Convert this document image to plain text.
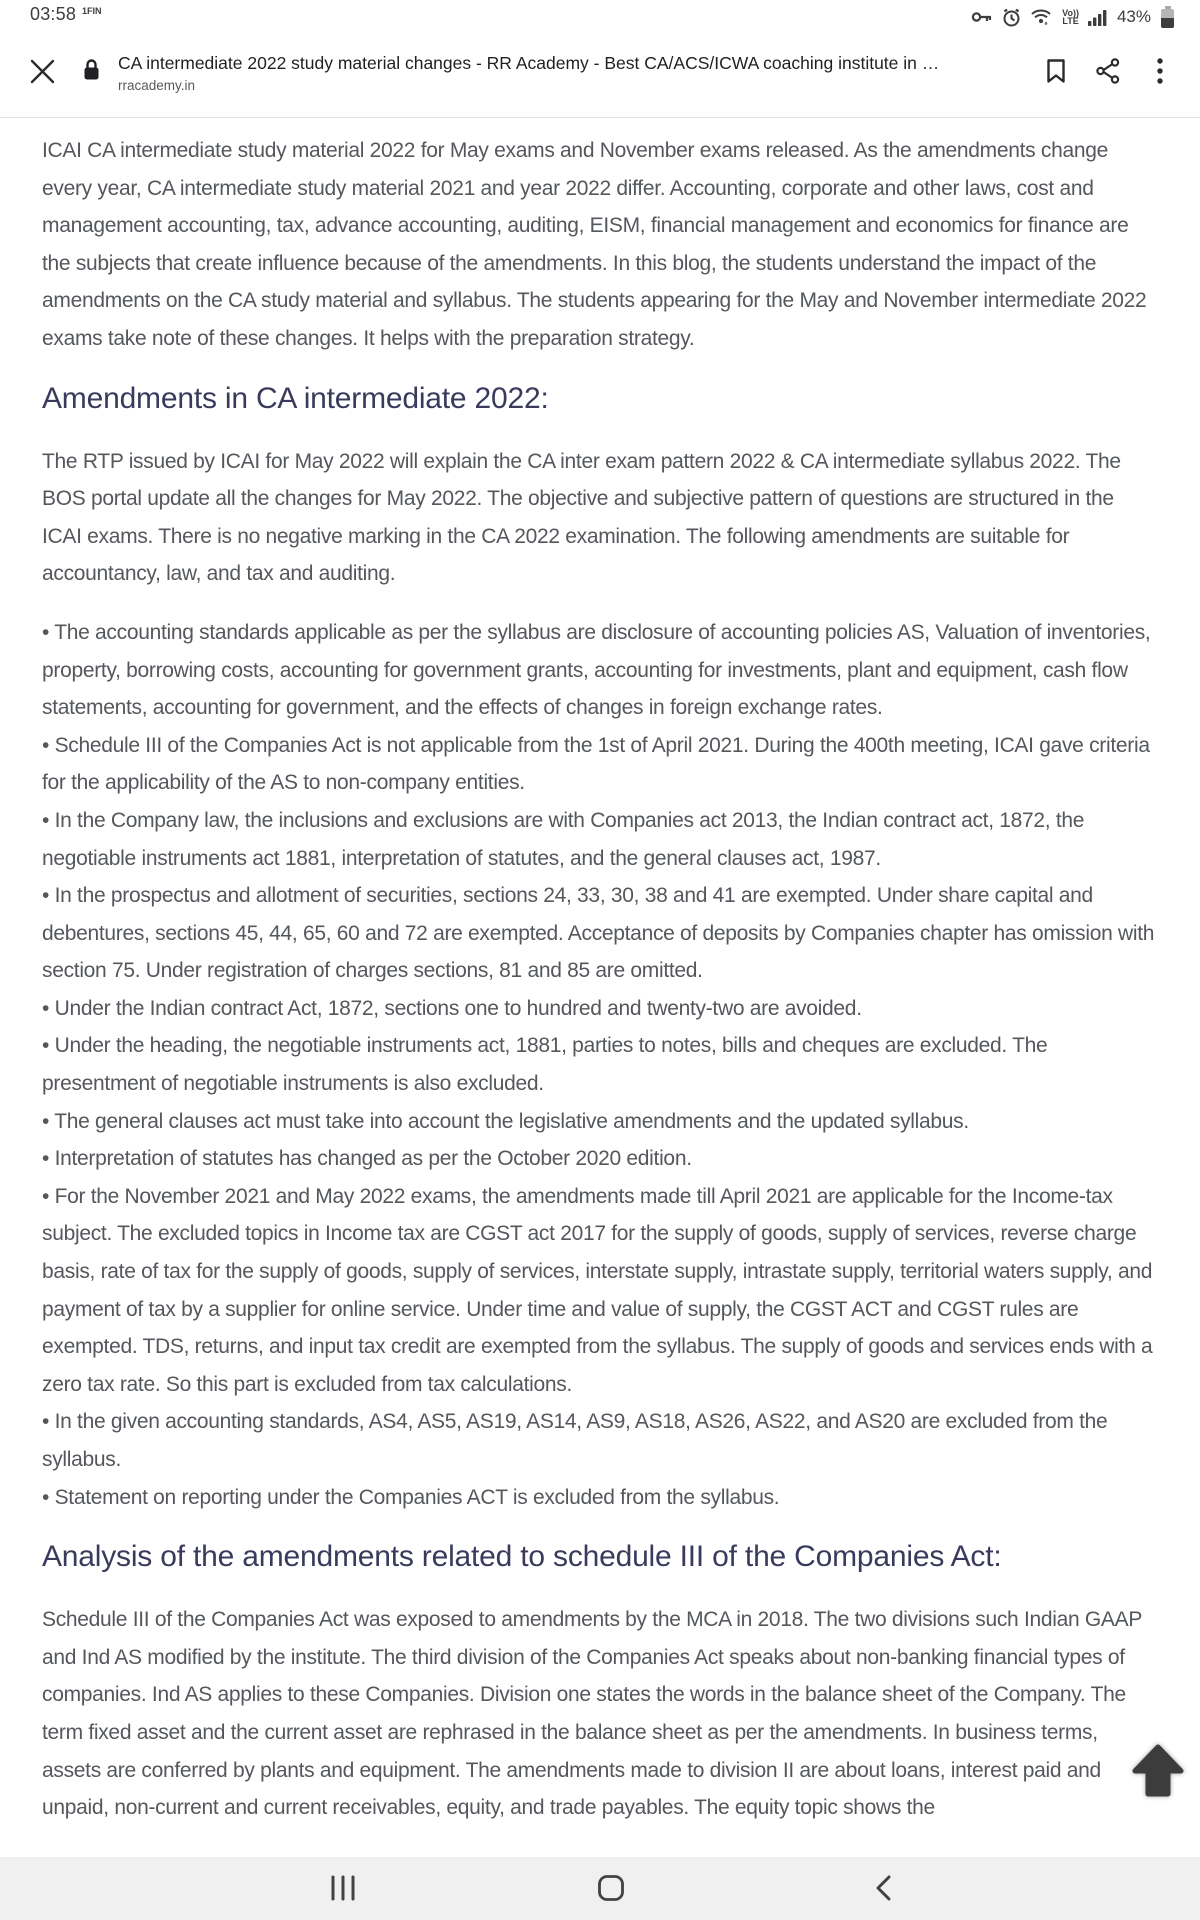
03:58 1FIN	Vo))
LTE 43%
CA intermediate 2022 study material changes - RR Academy - Best CA/ACS/ICWA coaching institute in …
rracademy.in

ICAI CA intermediate study material 2022 for May exams and November exams released. As the amendments change every year, CA intermediate study material 2021 and year 2022 differ. Accounting, corporate and other laws, cost and management accounting, tax, advance accounting, auditing, EISM, financial management and economics for finance are the subjects that create influence because of the amendments. In this blog, the students understand the impact of the amendments on the CA study material and syllabus. The students appearing for the May and November intermediate 2022 exams take note of these changes. It helps with the preparation strategy.

Amendments in CA intermediate 2022:

The RTP issued by ICAI for May 2022 will explain the CA inter exam pattern 2022 & CA intermediate syllabus 2022. The BOS portal update all the changes for May 2022. The objective and subjective pattern of questions are structured in the ICAI exams. There is no negative marking in the CA 2022 examination. The following amendments are suitable for accountancy, law, and tax and auditing.

• The accounting standards applicable as per the syllabus are disclosure of accounting policies AS, Valuation of inventories, property, borrowing costs, accounting for government grants, accounting for investments, plant and equipment, cash flow statements, accounting for government, and the effects of changes in foreign exchange rates.
• Schedule III of the Companies Act is not applicable from the 1st of April 2021. During the 400th meeting, ICAI gave criteria for the applicability of the AS to non-company entities.
• In the Company law, the inclusions and exclusions are with Companies act 2013, the Indian contract act, 1872, the negotiable instruments act 1881, interpretation of statutes, and the general clauses act, 1987.
• In the prospectus and allotment of securities, sections 24, 33, 30, 38 and 41 are exempted. Under share capital and debentures, sections 45, 44, 65, 60 and 72 are exempted. Acceptance of deposits by Companies chapter has omission with section 75. Under registration of charges sections, 81 and 85 are omitted.
• Under the Indian contract Act, 1872, sections one to hundred and twenty-two are avoided.
• Under the heading, the negotiable instruments act, 1881, parties to notes, bills and cheques are excluded. The presentment of negotiable instruments is also excluded.
• The general clauses act must take into account the legislative amendments and the updated syllabus.
• Interpretation of statutes has changed as per the October 2020 edition.
• For the November 2021 and May 2022 exams, the amendments made till April 2021 are applicable for the Income-tax subject. The excluded topics in Income tax are CGST act 2017 for the supply of goods, supply of services, reverse charge basis, rate of tax for the supply of goods, supply of services, interstate supply, intrastate supply, territorial waters supply, and payment of tax by a supplier for online service. Under time and value of supply, the CGST ACT and CGST rules are exempted. TDS, returns, and input tax credit are exempted from the syllabus. The supply of goods and services ends with a zero tax rate. So this part is excluded from tax calculations.
• In the given accounting standards, AS4, AS5, AS19, AS14, AS9, AS18, AS26, AS22, and AS20 are excluded from the syllabus.
• Statement on reporting under the Companies ACT is excluded from the syllabus.
Analysis of the amendments related to schedule III of the Companies Act:

Schedule III of the Companies Act was exposed to amendments by the MCA in 2018. The two divisions such Indian GAAP and Ind AS modified by the institute. The third division of the Companies Act speaks about non-banking financial types of companies. Ind AS applies to these Companies. Division one states the words in the balance sheet of the Company. The term fixed asset and the current asset are rephrased in the balance sheet as per the amendments. In business terms, assets are conferred by plants and equipment. The amendments made to division II are about loans, interest paid and unpaid, non-current and current receivables, equity, and trade payables. The equity topic shows the
